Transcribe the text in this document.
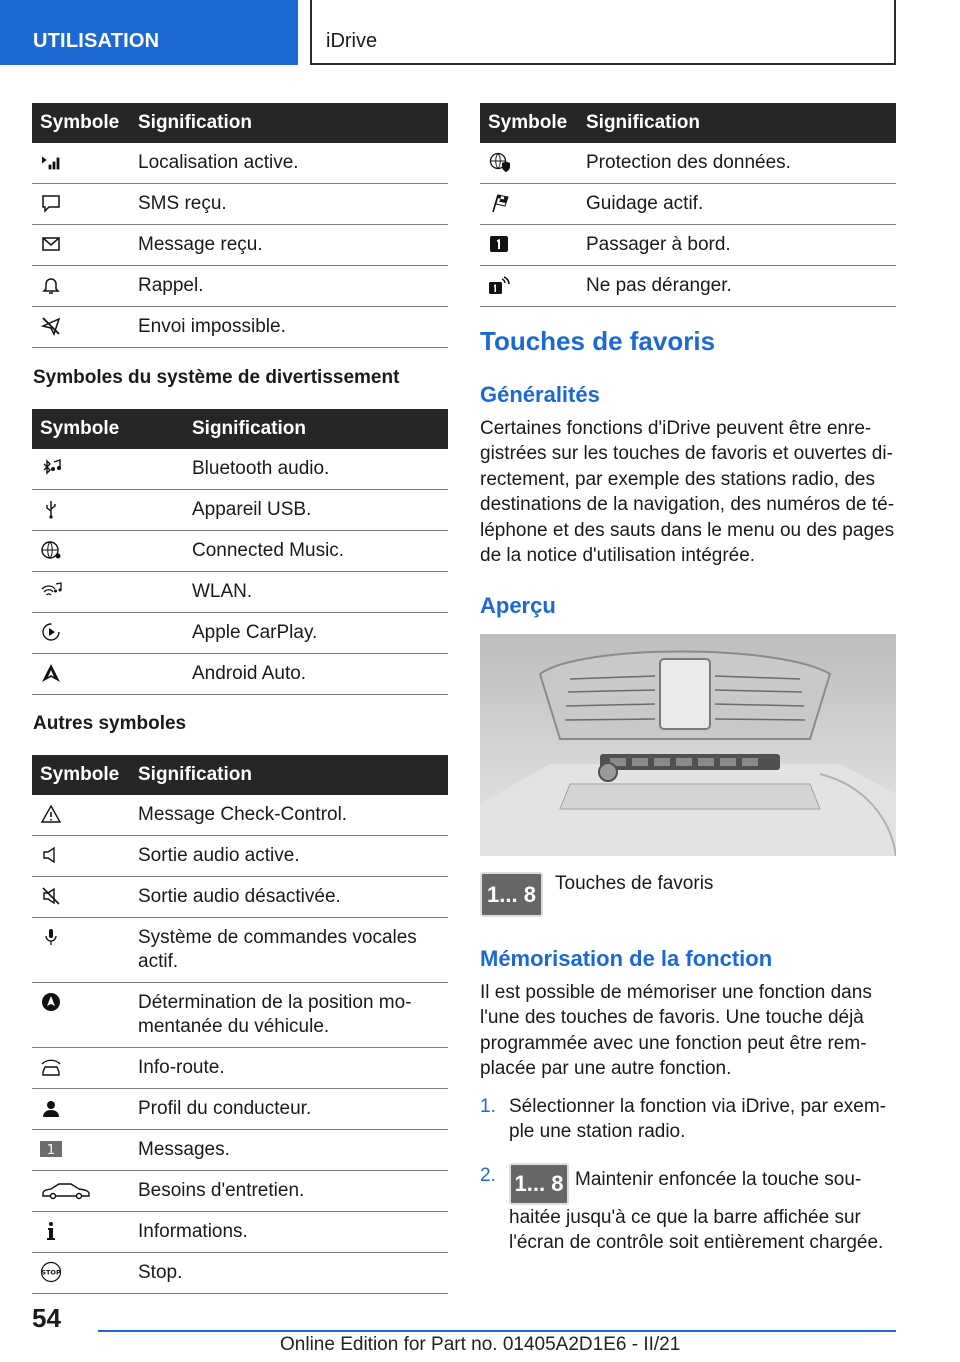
UTILISATION	iDrive
Symbole	Signification

	Localisation active.

	SMS reçu.

	Message reçu.

	Rappel.

	Envoi impossible.
Symboles du système de divertissement
Symbole	Signification

	Bluetooth audio.

	Appareil USB.

	Connected Music.

	WLAN.

	Apple CarPlay.

	Android Auto.
Autres symboles
Symbole	Signification

	Message Check-Control.

	Sortie audio active.

	Sortie audio désactivée.

	Système de commandes vocales actif.

	Détermination de la position mo-mentanée du véhicule.

	Info-route.

	Profil du conducteur.

1	Messages.

	Besoins d'entretien.

	Informations.

STOP	Stop.
Symbole	Signification

	Protection des données.

	Guidage actif.

	Passager à bord.

	Ne pas déranger.
Touches de favoris
Généralités
Certaines fonctions d'iDrive peuvent être enre-gistrées sur les touches de favoris et ouvertes di-rectement, par exemple des stations radio, des destinations de la navigation, des numéros de té-léphone et des sauts dans le menu ou des pages de la notice d'utilisation intégrée.
Aperçu
1... 8	Touches de favoris
Mémorisation de la fonction
Il est possible de mémoriser une fonction dans l'une des touches de favoris. Une touche déjà programmée avec une fonction peut être rem-placée par une autre fonction.
1. Sélectionner la fonction via iDrive, par exem-ple une station radio.
2. 1... 8 Maintenir enfoncée la touche sou-haitée jusqu'à ce que la barre affichée sur l'écran de contrôle soit entièrement chargée.
54
Online Edition for Part no. 01405A2D1E6 - II/21
